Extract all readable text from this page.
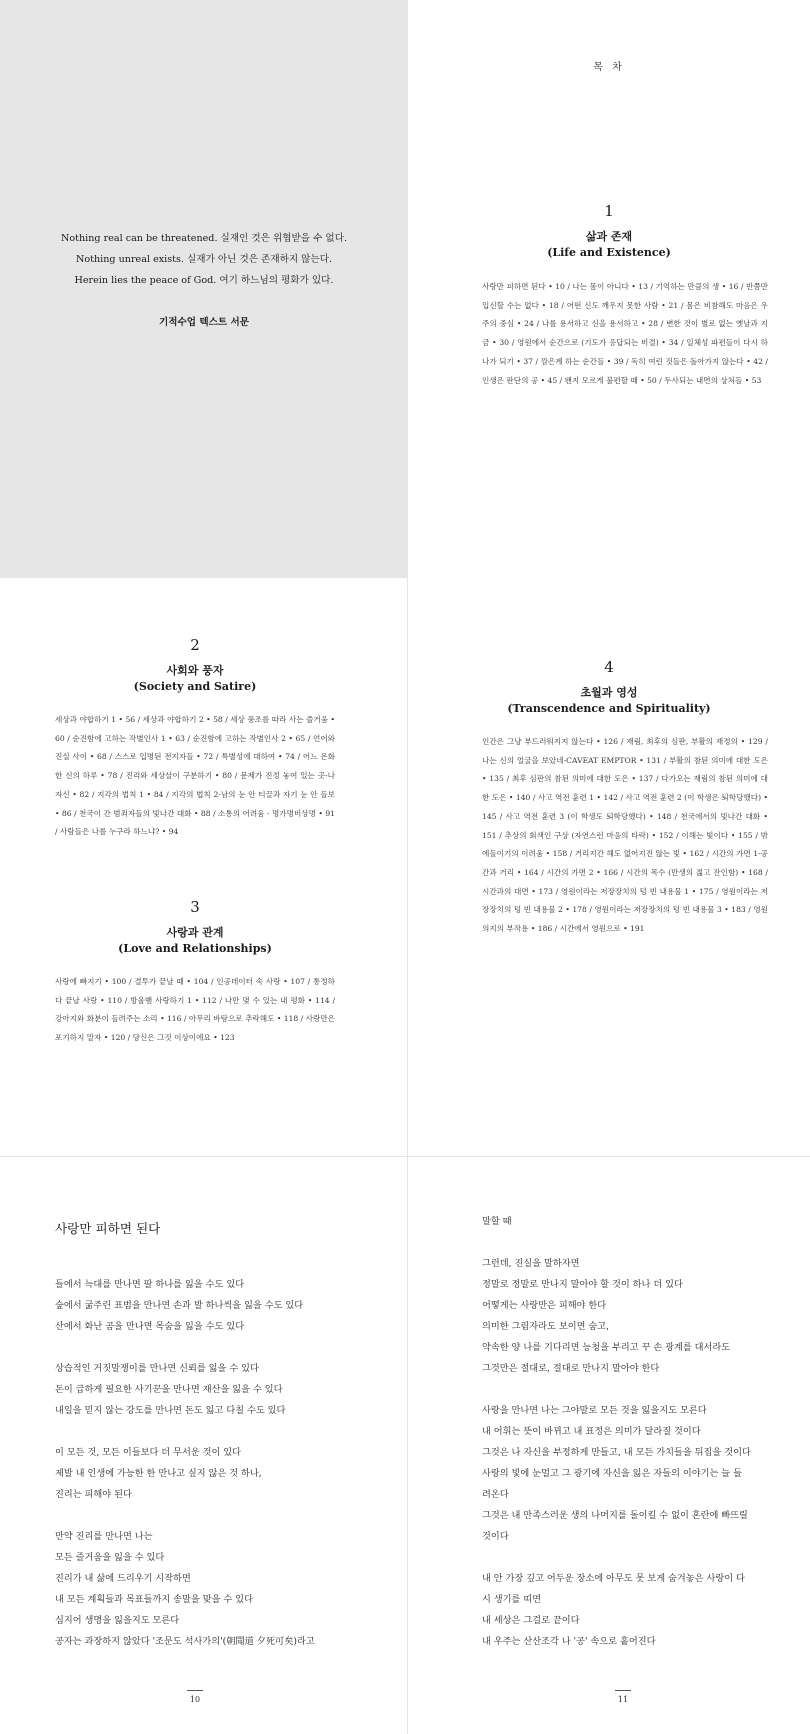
Nothing real can be threatened. 실재인 것은 위협받을 수 없다.
Nothing unreal exists. 실재가 아닌 것은 존재하지 않는다.
Herein lies the peace of God. 여기 하느님의 평화가 있다.
기적수업 텍스트 서문
목 차
1
삶과 존재
(Life and Existence)
사랑만 피하면 된다 • 10 / 나는 몸이 아니다 • 13 / 기억하는 만큼의 생 • 16 / 반쯤만 입신할 수는 없다 • 18 / 어떤 신도 깨우지 못한 사람 • 21 / 몸은 비참해도 마음은 우주의 중심 • 24 / 나를 용서하고 신을 용서하고 • 28 / 변한 것이 별로 없는 옛날과 지금 • 30 / 영원에서 순간으로 (기도가 응답되는 비결) • 34 / 일체성 파편들이 다시 하나가 되기 • 37 / 깜은계 하는 순간들 • 39 / 독히 여린 것들은 돌아가지 않는다 • 42 / 인생은 판단의 공 • 45 / 왠지 모르게 불편할 때 • 50 / 두사되는 내면의 상처들 • 53
2
사회와 풍자
(Society and Satire)
세상과 야합하기 1 • 56 / 세상과 야합하기 2 • 58 / 세상 풍조를 따라 사는 즐거움 • 60 / 순진함에 고하는 작별인사 1 • 63 / 순진함에 고하는 작별인사 2 • 65 / 언어와 진실 사이 • 68 / 스스로 입명된 전지자들 • 72 / 특별성에 대하여 • 74 / 어느 온화한 신의 하루 • 78 / 진리와 세상살이 구분하기 • 80 / 문제가 진정 놓여 있는 곳-나 자신 • 82 / 지각의 법칙 1 • 84 / 지각의 법칙 2-남의 눈 안 티끌과 자기 눈 안 들보 • 86 / 천국이 간 범죄자들의 빛나간 대화 • 88 / 소통의 어려움 - 명가명비상명 • 91 / 사람들은 나를 누구라 하느냐? • 94
3
사랑과 관계
(Love and Relationships)
사랑에 빠지기 • 100 / 결투가 끝날 때 • 104 / 인공데이터 속 사랑 • 107 / 통정하다 끝날 사랑 • 110 / 방울뱀 사랑하기 1 • 112 / 나만 몇 수 있는 내 평화 • 114 / 강아지와 화분이 들려주는 소리 • 116 / 아무리 바탕으로 추락해도 • 118 / 사랑만은 포기하지 말자 • 120 / 당신은 그것 이상이에요 • 123
4
초월과 영성
(Transcendence and Spirituality)
인간은 그냥 부드러워지지 않는다 • 126 / 재림, 최후의 심판, 부활의 재정의 • 129 / 나는 신의 얼굴을 보았네-CAVEAT EMPTOR • 131 / 부활의 참된 의미에 대한 도은 • 135 / 최후 심판의 참된 의미에 대한 도은 • 137 / 다가오는 재림의 참된 의미에 대한 도은 • 140 / 사고 역전 훈련 1 • 142 / 사고 역전 훈련 2 (이 학생은 퇴학당했다) • 145 / 사고 역전 훈련 3 (이 학생도 퇴학당했다) • 148 / 천국에서의 빛나간 대화 • 151 / 추상의 회색인 구상 (자연스런 마음의 타락) • 152 / 이해는 빛이다 • 155 / 밖에들이기의 이려움 • 158 / 거리지간 해도 없어지진 않는 빛 • 162 / 시간의 가면 1-공간과 거리 • 164 / 시간의 가면 2 • 166 / 시간의 목수 (만생의 젊고 잔인함) • 168 / 시간과의 대면 • 173 / 영원이라는 저장장치의 텅 빈 내용물 1 • 175 / 영원이라는 저장장치의 텅 빈 내용물 2 • 178 / 영원이라는 저장장치의 텅 빈 내용물 3 • 183 / 영원 의지의 부작용 • 186 / 시간에서 영원으로 • 191
사랑만 피하면 된다
들에서 늑대를 만나면 팔 하나를 잃을 수도 있다
숲에서 굶주린 표범을 만나면 손과 발 하나씩을 잃을 수도 있다
산에서 화난 곰을 만나면 목숨을 잃을 수도 있다
상습적인 거짓말쟁이를 만나면 신뢰를 잃을 수 있다
돈이 급하게 필요한 사기꾼을 만나면 재산을 잃을 수 있다
내일을 믿지 않는 강도를 만나면 돈도 잃고 다칠 수도 있다
이 모든 것, 모든 이들보다 더 무서운 것이 있다
제발 내 인생에 가능한 한 만나고 싶지 않은 것 하나,
진리는 피해야 된다
만약 진리를 만나면 나는
모든 즐거움을 잃을 수 있다
진리가 내 삶에 드리우기 시작하면
내 모든 계획들과 목표들까지 송말을 맞을 수 있다
심지어 생명을 잃을지도 모른다
공자는 과장하지 않았다 '조문도 석사가의'(朝聞道 夕死可矣)라고
10
말할 때
그런데, 진실을 말하자면
정말로 정말로 만나지 말아야 할 것이 하나 더 있다
어떻게는 사랑만은 피해야 한다
의미한 그림자라도 보이면 숨고,
약속한 양 나를 기다리면 능청을 부리고 꾸 손 광계를 대서라도
그것만은 절대로, 절대로 만나지 말아야 한다
사랑을 만나면 나는 그야말로 모든 것을 잃을지도 모른다
내 어휘는 뜻이 바뀌고 내 표정은 의미가 달라질 것이다
그것은 나 자신을 부정하게 만들고, 내 모든 가치들을 뒤집을 것이다
사랑의 빛에 눈멀고 그 광기에 자신을 잃은 자들의 이야기는 늘 들
려온다
그것은 내 만족스러운 생의 나머지를 돌이킬 수 없이 혼란에 빠뜨릴
것이다
내 안 가장 깊고 어두운 장소에 아무도 못 보게 숨겨놓은 사랑이 다
시 생기를 띠면
내 세상은 그걸로 끝이다
내 우주는 산산조각 나 '공' 속으로 흩어진다
11
